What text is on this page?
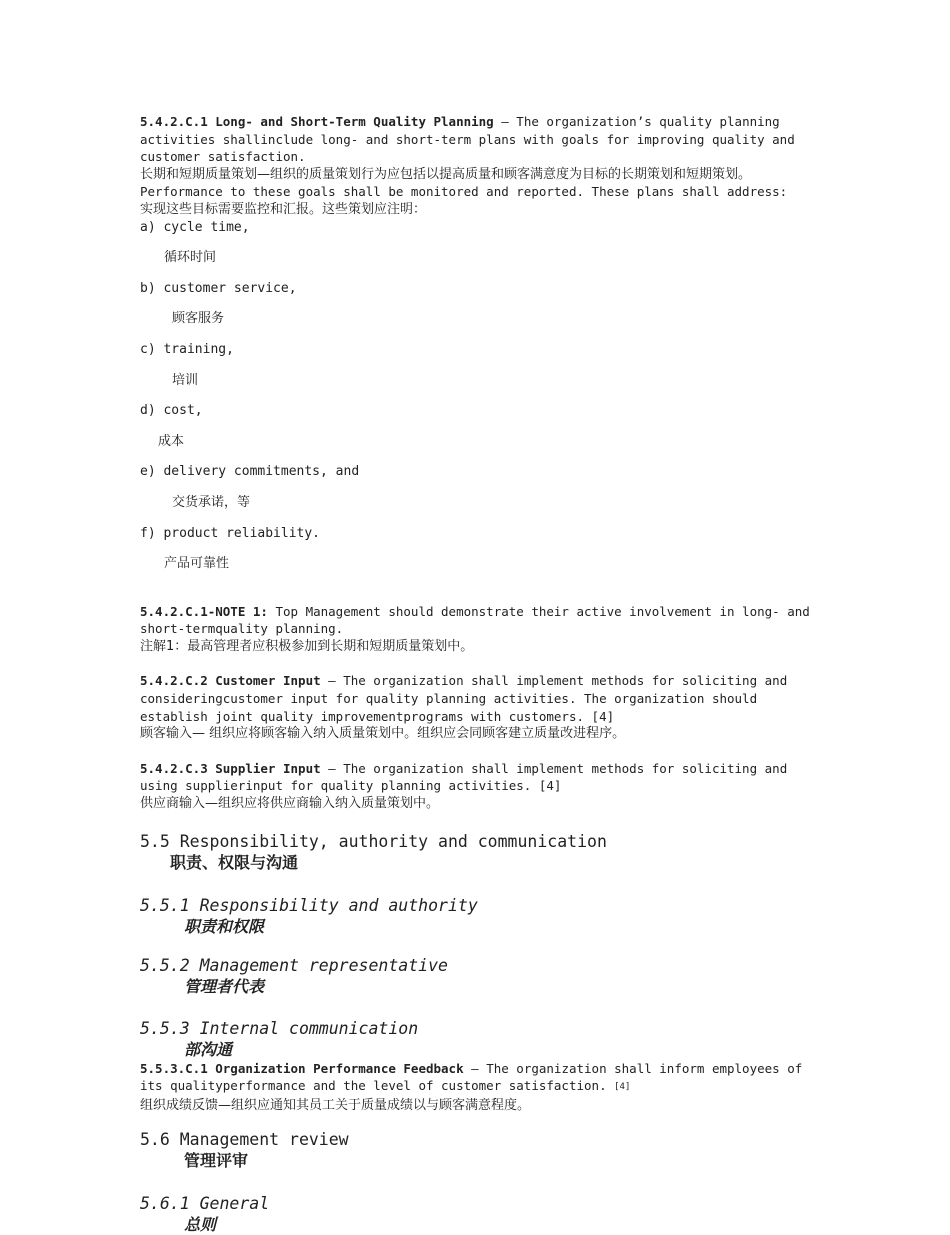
5.4.2.C.1 Long- and Short-Term Quality Planning – The organization’s quality planning activities shallinclude long- and short-term plans with goals for improving quality and customer satisfaction.

长期和短期质量策划—组织的质量策划行为应包括以提高质量和顾客满意度为目标的长期策划和短期策划。

Performance to these goals shall be monitored and reported. These plans shall address:

实现这些目标需要监控和汇报。这些策划应注明：

a) cycle time,

循环时间

b) customer service,

顾客服务

c) training,

培训

d) cost,

成本

e) delivery commitments, and

交货承诺，等

f) product reliability.

产品可靠性

5.4.2.C.1-NOTE 1: Top Management should demonstrate their active involvement in long- and short-termquality planning.

注解1：最高管理者应积极参加到长期和短期质量策划中。

5.4.2.C.2 Customer Input – The organization shall implement methods for soliciting and consideringcustomer input for quality planning activities. The organization should establish joint quality improvementprograms with customers. [4]

顾客输入— 组织应将顾客输入纳入质量策划中。组织应会同顾客建立质量改进程序。

5.4.2.C.3 Supplier Input – The organization shall implement methods for soliciting and using supplierinput for quality planning activities. [4]

供应商输入—组织应将供应商输入纳入质量策划中。

5.5 Responsibility, authority and communication

职责、权限与沟通

5.5.1 Responsibility and authority

职责和权限

5.5.2 Management representative

管理者代表

5.5.3 Internal communication

部沟通

5.5.3.C.1 Organization Performance Feedback – The organization shall inform employees of its qualityperformance and the level of customer satisfaction. [4]

组织成绩反馈—组织应通知其员工关于质量成绩以与顾客满意程度。

5.6 Management review

管理评审

5.6.1 General

总则
